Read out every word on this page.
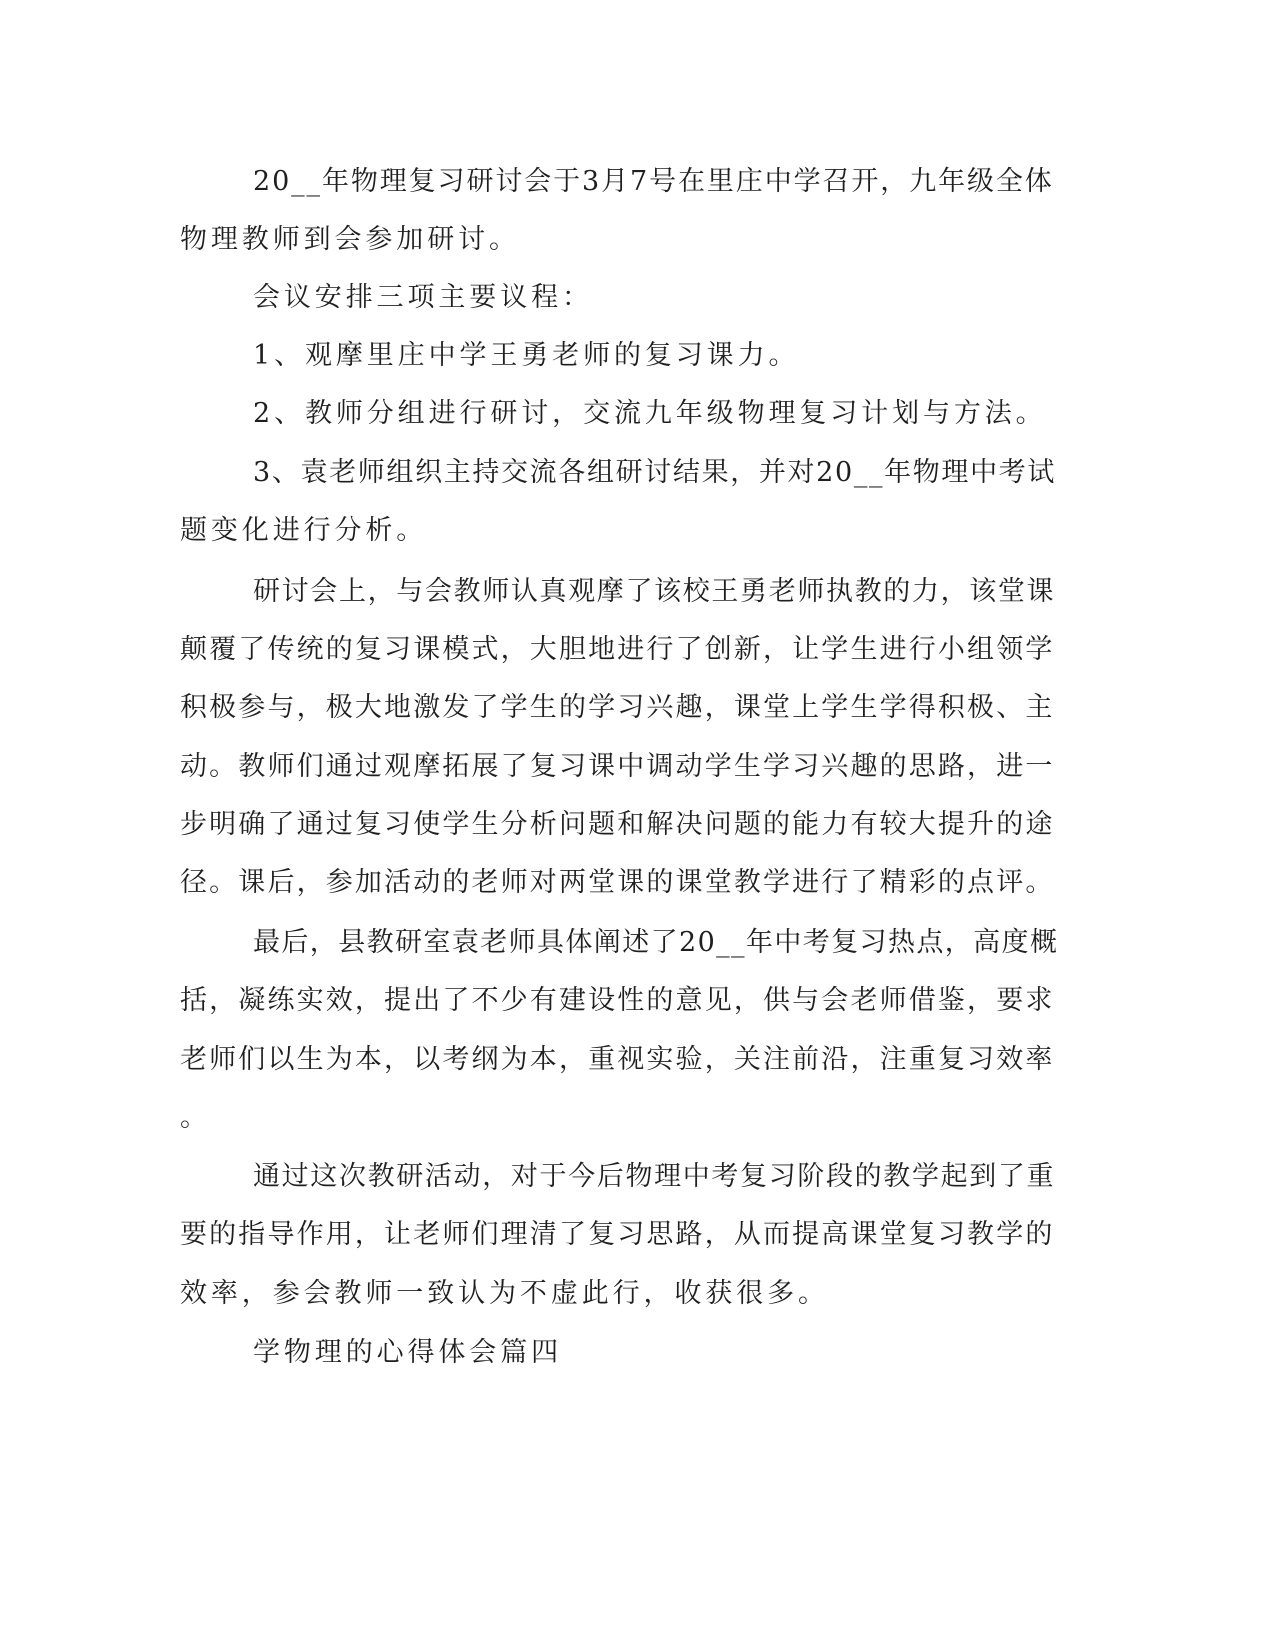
20__年物理复习研讨会于3月7号在里庄中学召开，九年级全体

物理教师到会参加研讨。

会议安排三项主要议程：

1、观摩里庄中学王勇老师的复习课力。

2、教师分组进行研讨，交流九年级物理复习计划与方法。

3、袁老师组织主持交流各组研讨结果，并对20__年物理中考试

题变化进行分析。

研讨会上，与会教师认真观摩了该校王勇老师执教的力，该堂课

颠覆了传统的复习课模式，大胆地进行了创新，让学生进行小组领学

积极参与，极大地激发了学生的学习兴趣，课堂上学生学得积极、主

动。教师们通过观摩拓展了复习课中调动学生学习兴趣的思路，进一

步明确了通过复习使学生分析问题和解决问题的能力有较大提升的途

径。课后，参加活动的老师对两堂课的课堂教学进行了精彩的点评。

最后，县教研室袁老师具体阐述了20__年中考复习热点，高度概

括，凝练实效，提出了不少有建设性的意见，供与会老师借鉴，要求

老师们以生为本，以考纲为本，重视实验，关注前沿，注重复习效率

。

通过这次教研活动，对于今后物理中考复习阶段的教学起到了重

要的指导作用，让老师们理清了复习思路，从而提高课堂复习教学的

效率，参会教师一致认为不虚此行，收获很多。

学物理的心得体会篇四
